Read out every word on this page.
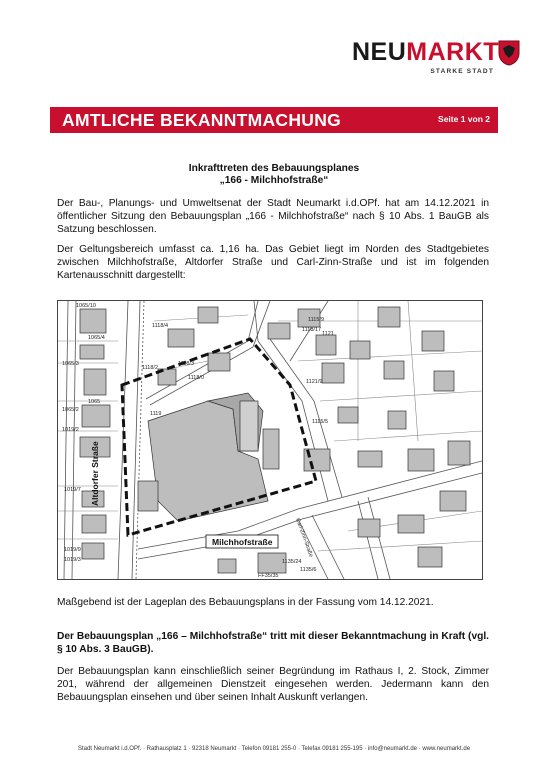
NEUMARKT
STARKE STADT
AMTLICHE BEKANNTMACHUNG	Seite 1 von 2
Inkrafttreten des Bebauungsplanes
„166 - Milchhofstraße“
Der Bau-, Planungs- und Umweltsenat der Stadt Neumarkt i.d.OPf. hat am 14.12.2021 in öffentlicher Sitzung den Bebauungsplan „166 - Milchhofstraße“ nach § 10 Abs. 1 BauGB als Satzung beschlossen.
Der Geltungsbereich umfasst ca. 1,16 ha. Das Gebiet liegt im Norden des Stadtgebietes zwischen Milchhofstraße, Altdorfer Straße und Carl-Zinn-Straße und ist im folgenden Kartenausschnitt dargestellt:
1065/10
1065/4
1065/3
1065
1065/2
1019/2
1019/7
1019/9
1019/3
1118/4
1118/2
1118/3
1118/0
1119
1115/9
1118/17
1121
1121/9
1115/5
1135/6
1135/24
FF35/35
Altdorfer Straße
Milchhofstraße	Carl-Zinn-Straße
Maßgebend ist der Lageplan des Bebauungsplans in der Fassung vom 14.12.2021.
Der Bebauungsplan „166 – Milchhofstraße“ tritt mit dieser Bekanntmachung in Kraft (vgl. § 10 Abs. 3 BauGB).
Der Bebauungsplan kann einschließlich seiner Begründung im Rathaus I, 2. Stock, Zimmer 201, während der allgemeinen Dienstzeit eingesehen werden. Jedermann kann den Bebauungsplan einsehen und über seinen Inhalt Auskunft verlangen.
Stadt Neumarkt i.d.OPf. · Rathausplatz 1 · 92318 Neumarkt · Telefon 09181 255-0 · Telefax 09181 255-195 · info@neumarkt.de · www.neumarkt.de
